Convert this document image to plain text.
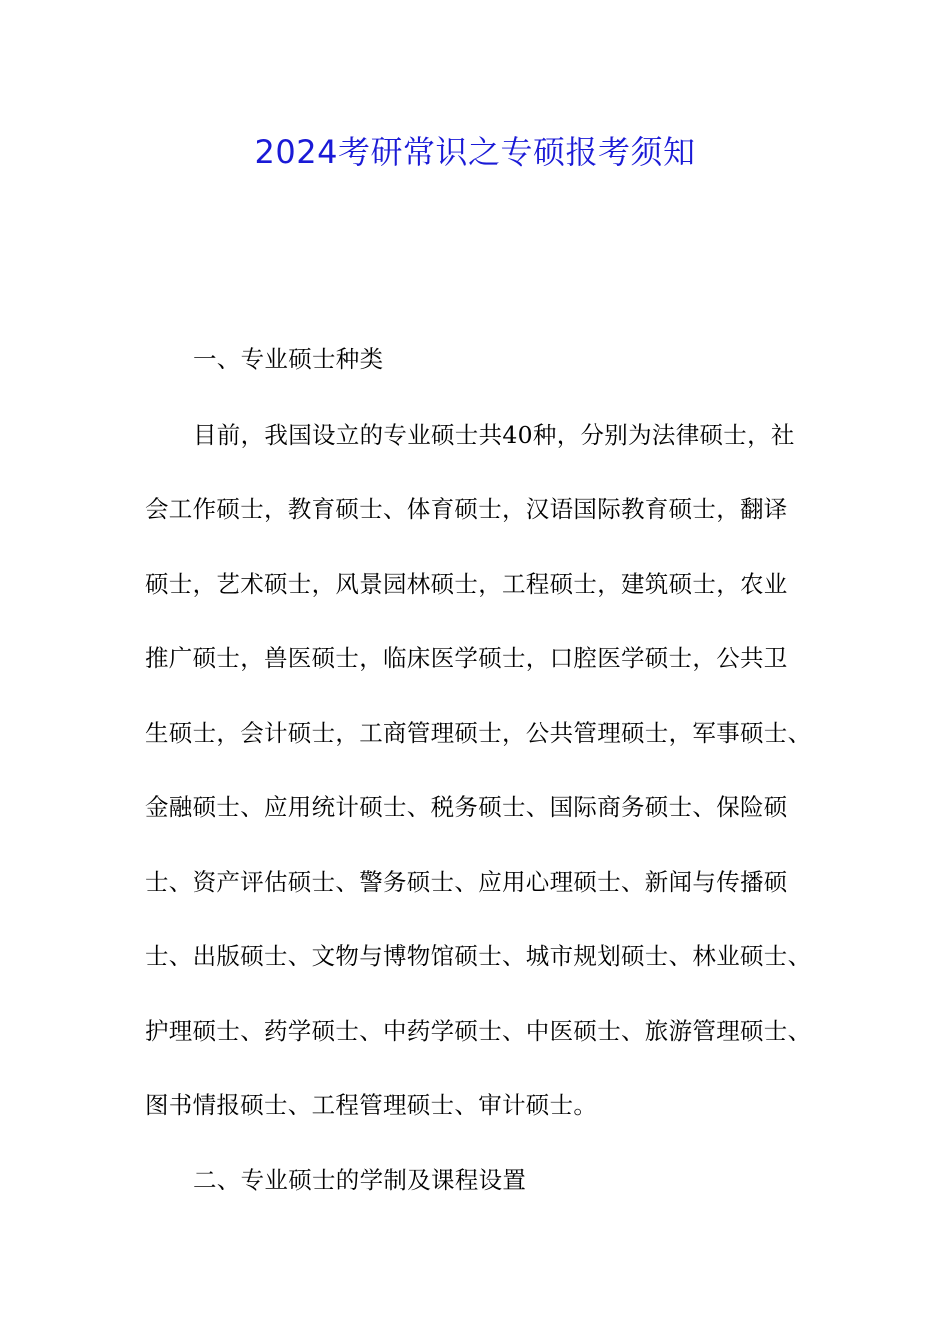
2024考研常识之专硕报考须知
一、专业硕士种类
目前，我国设立的专业硕士共40种，分别为法律硕士，社
会工作硕士，教育硕士、体育硕士，汉语国际教育硕士，翻译
硕士，艺术硕士，风景园林硕士，工程硕士，建筑硕士，农业
推广硕士，兽医硕士，临床医学硕士，口腔医学硕士，公共卫
生硕士，会计硕士，工商管理硕士，公共管理硕士，军事硕士、
金融硕士、应用统计硕士、税务硕士、国际商务硕士、保险硕
士、资产评估硕士、警务硕士、应用心理硕士、新闻与传播硕
士、出版硕士、文物与博物馆硕士、城市规划硕士、林业硕士、
护理硕士、药学硕士、中药学硕士、中医硕士、旅游管理硕士、
图书情报硕士、工程管理硕士、审计硕士。
二、专业硕士的学制及课程设置
